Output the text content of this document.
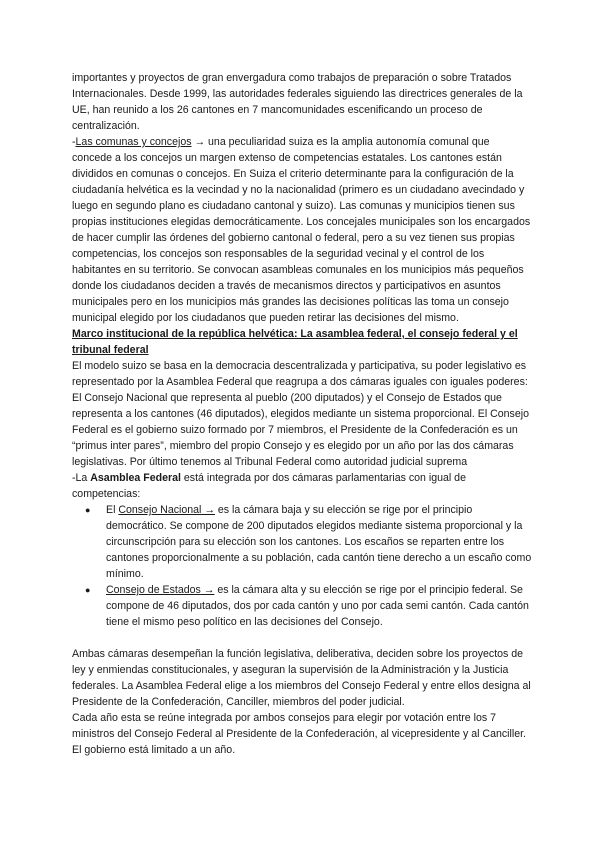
importantes y proyectos de gran envergadura como trabajos de preparación o sobre Tratados Internacionales. Desde 1999, las autoridades federales siguiendo las directrices generales de la UE, han reunido a los 26 cantones en 7 mancomunidades escenificando un proceso de centralización.

-Las comunas y concejos → una peculiaridad suiza es la amplia autonomía comunal que concede a los concejos un margen extenso de competencias estatales. Los cantones están divididos en comunas o concejos. En Suiza el criterio determinante para la configuración de la ciudadanía helvética es la vecindad y no la nacionalidad (primero es un ciudadano avecindado y luego en segundo plano es ciudadano cantonal y suizo). Las comunas y municipios tienen sus propias instituciones elegidas democráticamente. Los concejales municipales son los encargados de hacer cumplir las órdenes del gobierno cantonal o federal, pero a su vez tienen sus propias competencias, los concejos son responsables de la seguridad vecinal y el control de los habitantes en su territorio. Se convocan asambleas comunales en los municipios más pequeños donde los ciudadanos deciden a través de mecanismos directos y participativos en asuntos municipales pero en los municipios más grandes las decisiones políticas las toma un consejo municipal elegido por los ciudadanos que pueden retirar las decisiones del mismo.

Marco institucional de la república helvética: La asamblea federal, el consejo federal y el tribunal federal

El modelo suizo se basa en la democracia descentralizada y participativa, su poder legislativo es representado por la Asamblea Federal que reagrupa a dos cámaras iguales con iguales poderes: El Consejo Nacional que representa al pueblo (200 diputados) y el Consejo de Estados que representa a los cantones (46 diputados), elegidos mediante un sistema proporcional. El Consejo Federal es el gobierno suizo formado por 7 miembros, el Presidente de la Confederación es un “primus inter pares”, miembro del propio Consejo y es elegido por un año por las dos cámaras legislativas. Por último tenemos al Tribunal Federal como autoridad judicial suprema

-La Asamblea Federal está integrada por dos cámaras parlamentarias con igual de competencias:

● El Consejo Nacional → es la cámara baja y su elección se rige por el principio democrático. Se compone de 200 diputados elegidos mediante sistema proporcional y la circunscripción para su elección son los cantones. Los escaños se reparten entre los cantones proporcionalmente a su población, cada cantón tiene derecho a un escaño como mínimo.
● Consejo de Estados → es la cámara alta y su elección se rige por el principio federal. Se compone de 46 diputados, dos por cada cantón y uno por cada semi cantón. Cada cantón tiene el mismo peso político en las decisiones del Consejo.

Ambas cámaras desempeñan la función legislativa, deliberativa, deciden sobre los proyectos de ley y enmiendas constitucionales, y aseguran la supervisión de la Administración y la Justicia federales. La Asamblea Federal elige a los miembros del Consejo Federal y entre ellos designa al Presidente de la Confederación, Canciller, miembros del poder judicial.

Cada año esta se reúne integrada por ambos consejos para elegir por votación entre los 7 ministros del Consejo Federal al Presidente de la Confederación, al vicepresidente y al Canciller. El gobierno está limitado a un año.
